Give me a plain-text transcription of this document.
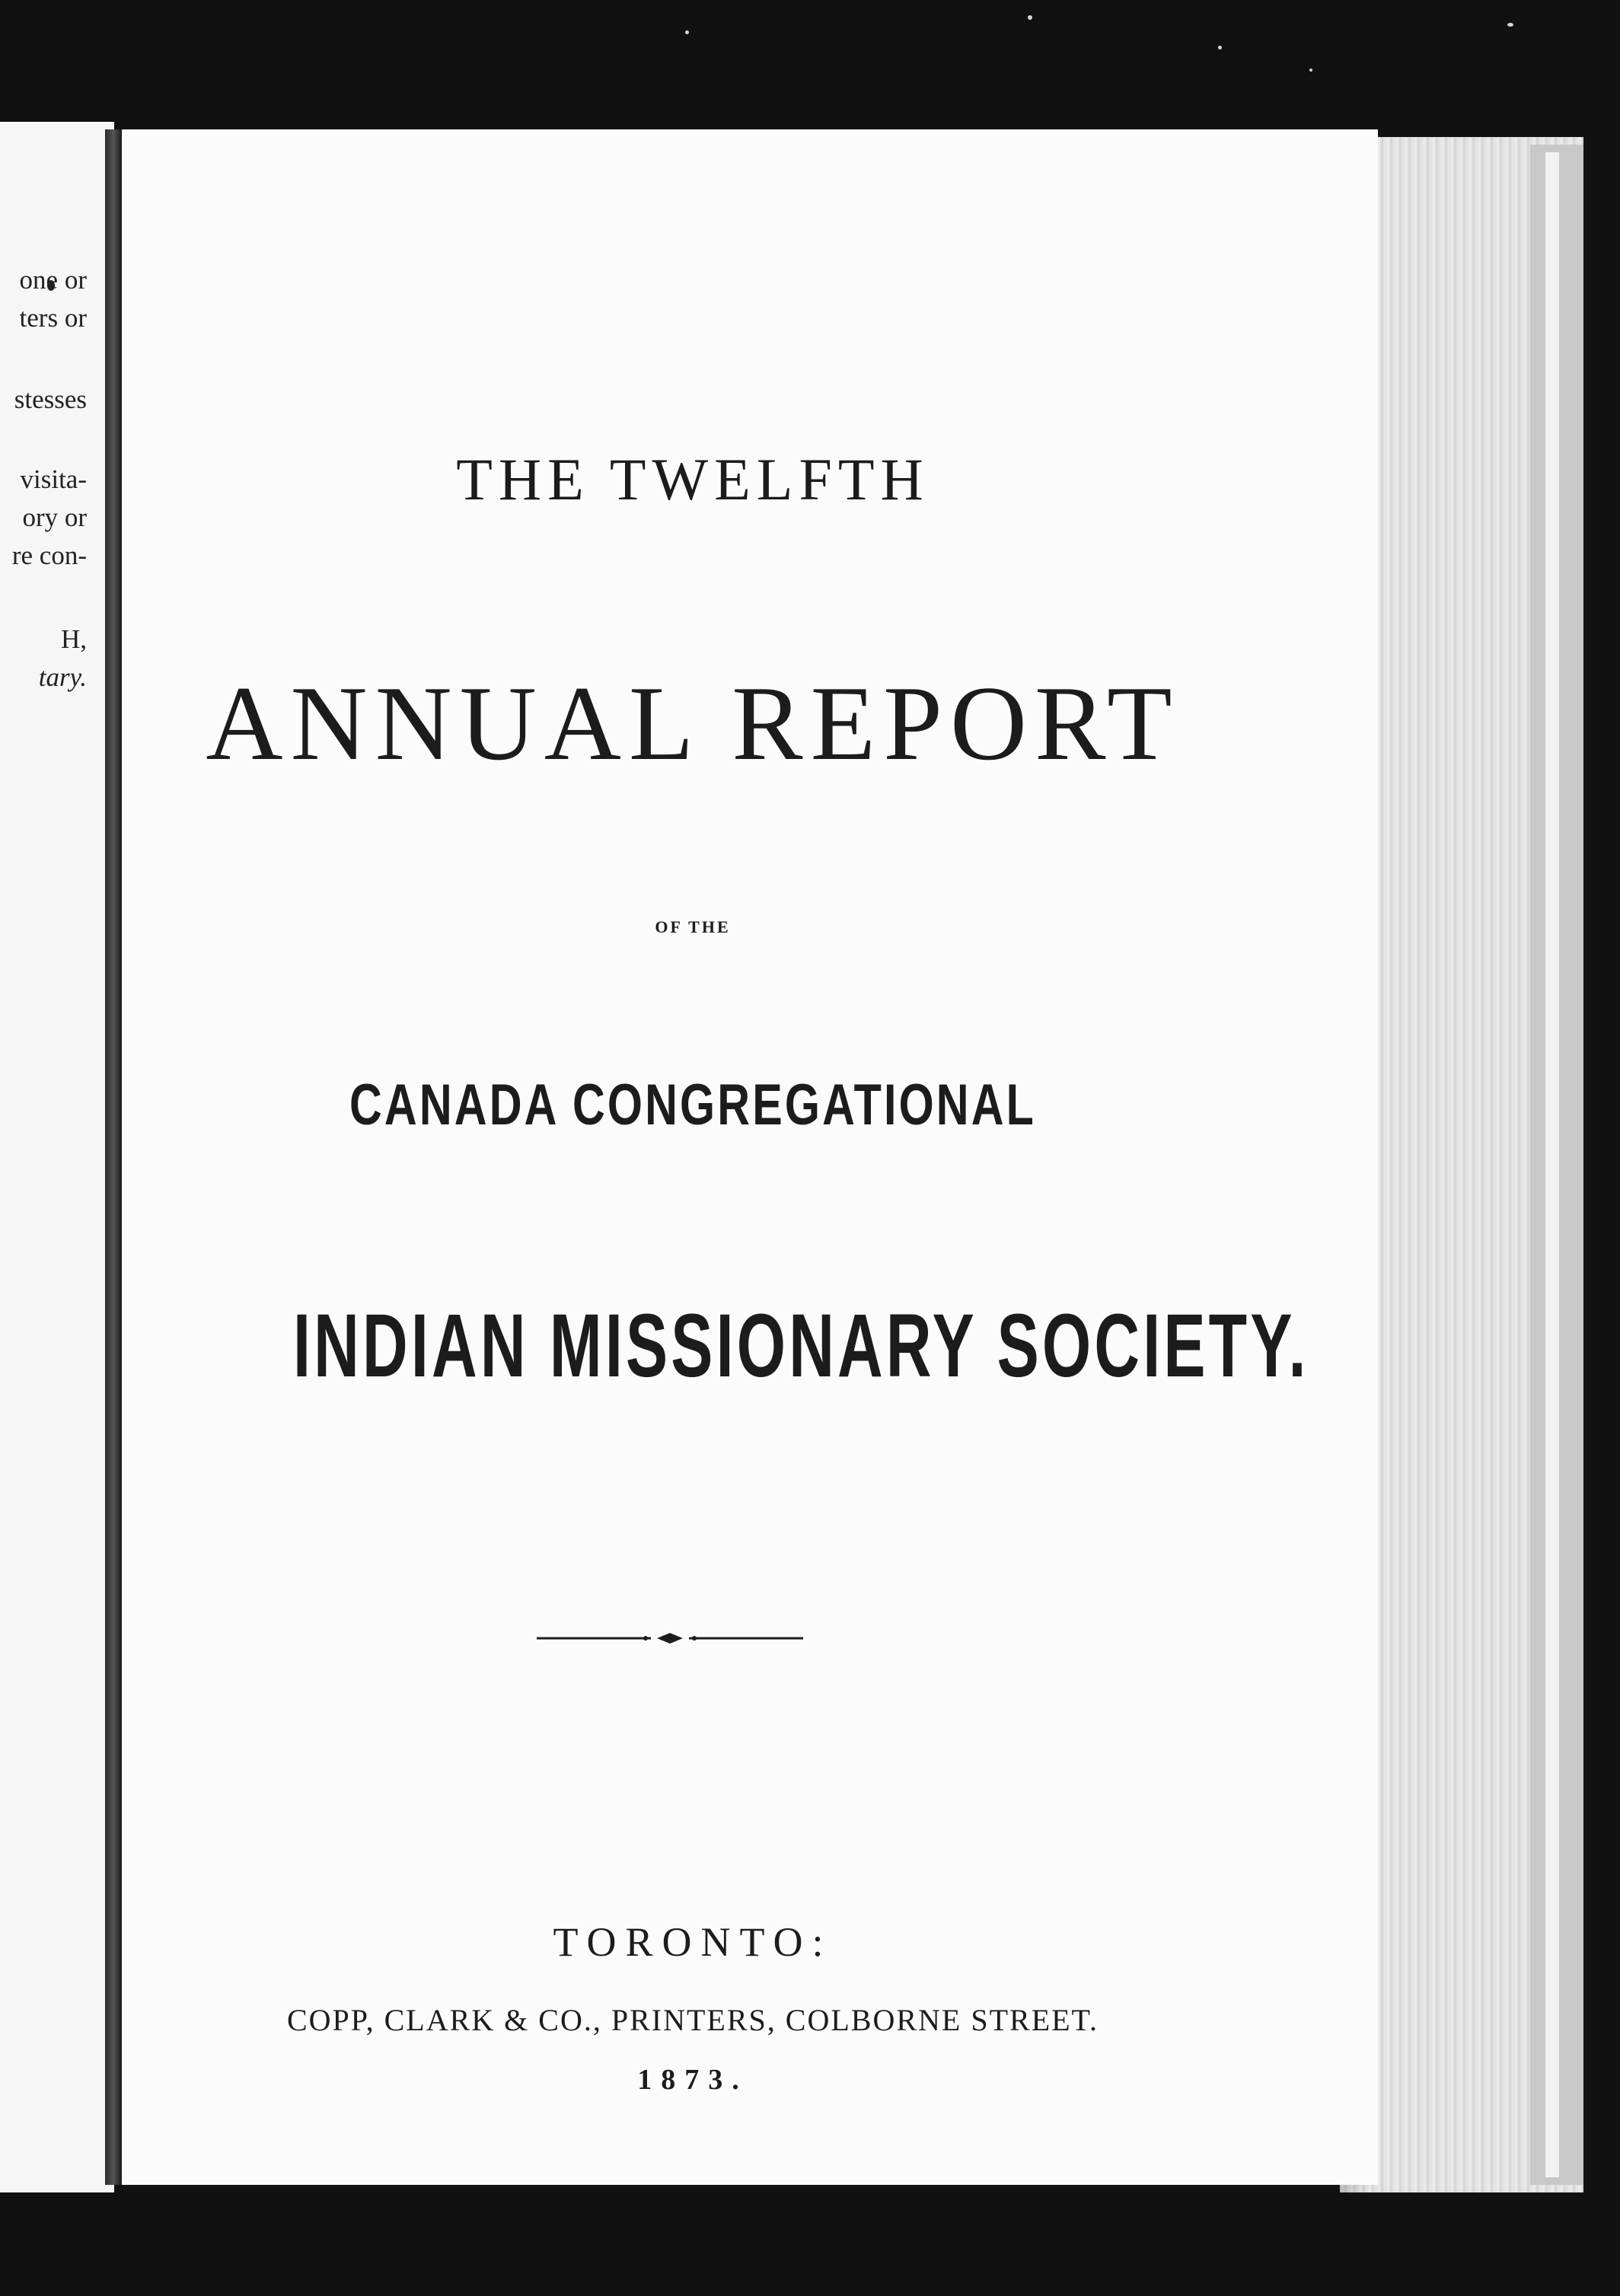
one or
ters or
stesses
visita-
ory or
re con-
H,
tary.
THE TWELFTH
ANNUAL REPORT
OF THE
CANADA CONGREGATIONAL
INDIAN MISSIONARY SOCIETY.
TORONTO:
COPP, CLARK & CO., PRINTERS, COLBORNE STREET.
1873.
